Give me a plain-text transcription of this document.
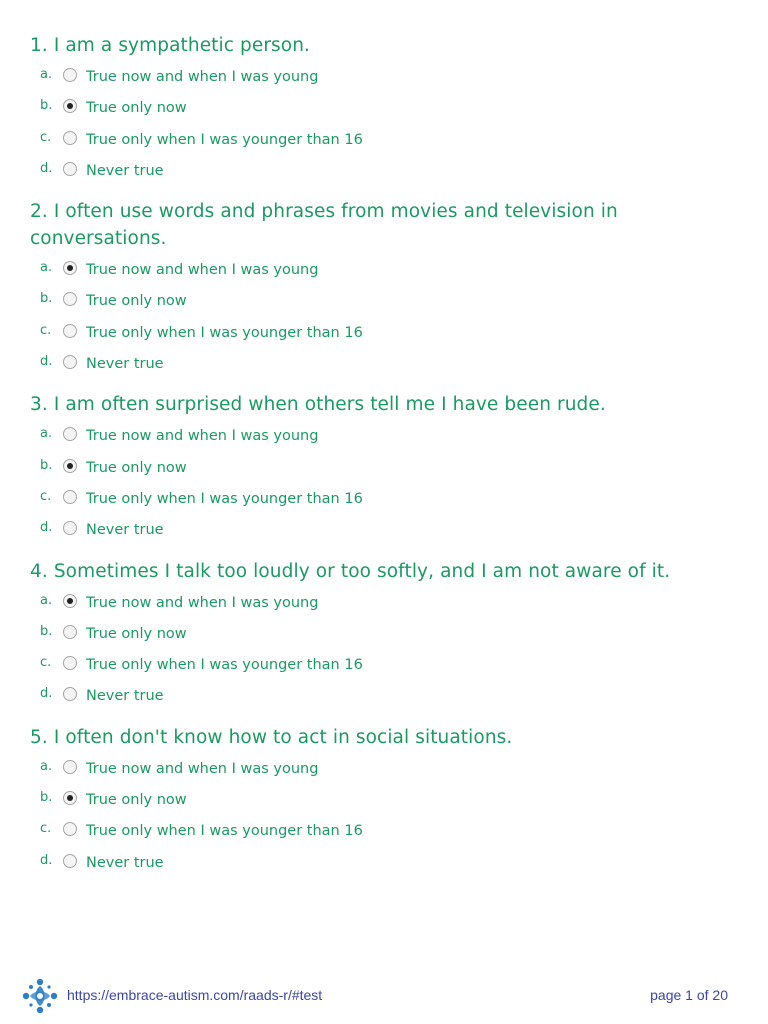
1. I am a sympathetic person.

a.	True now and when I was young
b.	True only now
c.	True only when I was younger than 16
d.	Never true

2. I often use words and phrases from movies and television in conversations.

a.	True now and when I was young
b.	True only now
c.	True only when I was younger than 16
d.	Never true

3. I am often surprised when others tell me I have been rude.

a.	True now and when I was young
b.	True only now
c.	True only when I was younger than 16
d.	Never true

4. Sometimes I talk too loudly or too softly, and I am not aware of it.

a.	True now and when I was young
b.	True only now
c.	True only when I was younger than 16
d.	Never true

5. I often don't know how to act in social situations.

a.	True now and when I was young
b.	True only now
c.	True only when I was younger than 16
d.	Never true
https://embrace-autism.com/raads-r/#test	page 1 of 20
